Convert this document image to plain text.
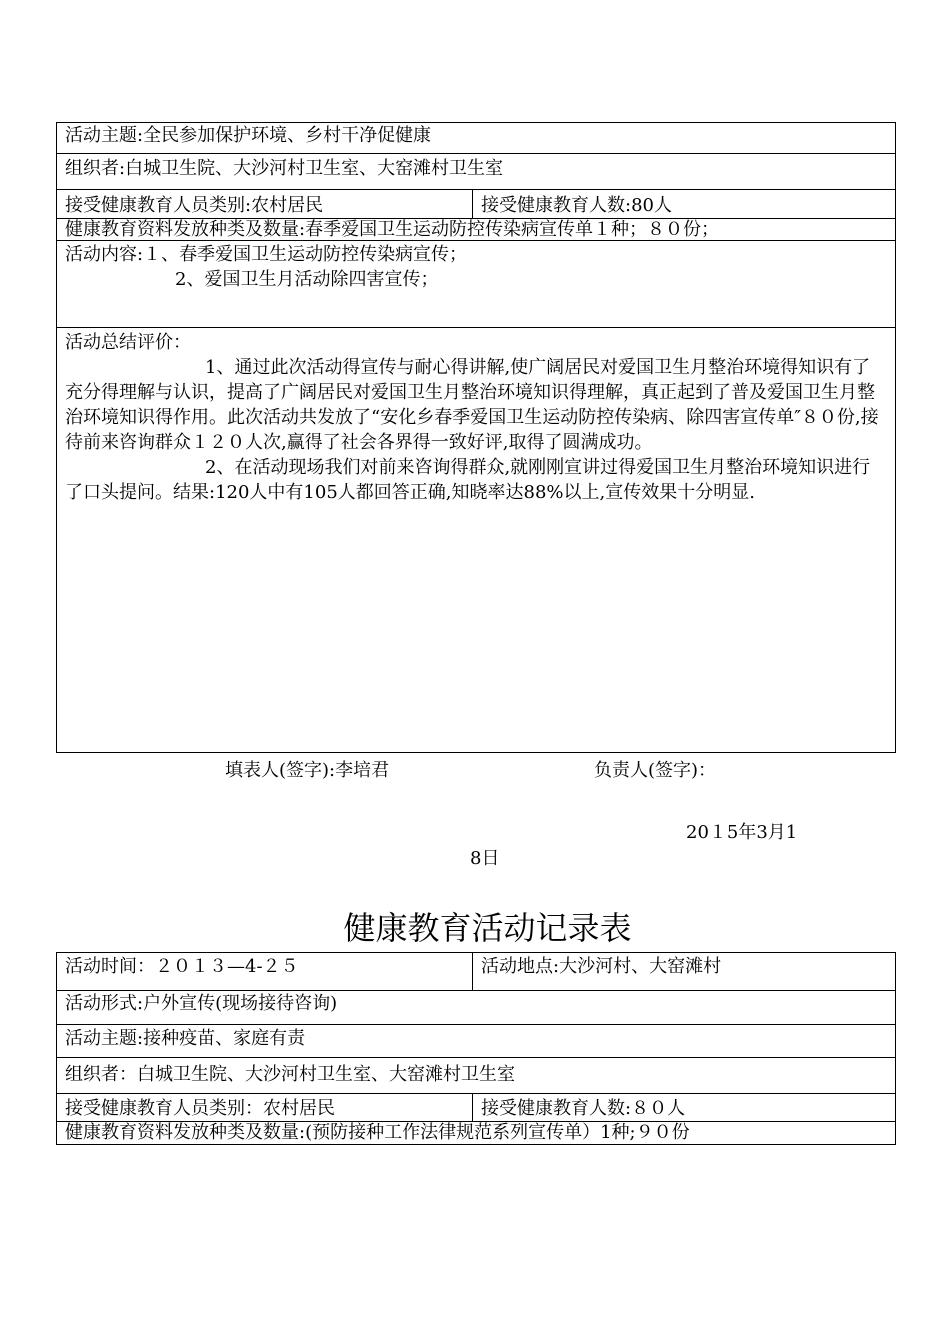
活动主题:全民参加保护环境、乡村干净促健康
组织者:白城卫生院、大沙河村卫生室、大窑滩村卫生室
接受健康教育人员类别:农村居民	接受健康教育人数:80人
健康教育资料发放种类及数量:春季爱国卫生运动防控传染病宣传单１种；８０份；
活动内容:１、春季爱国卫生运动防控传染病宣传；
2、爱国卫生月活动除四害宣传；
活动总结评价：
1、通过此次活动得宣传与耐心得讲解,使广阔居民对爱国卫生月整治环境得知识有了充分得理解与认识，提高了广阔居民对爱国卫生月整治环境知识得理解，真正起到了普及爱国卫生月整治环境知识得作用。此次活动共发放了“安化乡春季爱国卫生运动防控传染病、除四害宣传单″８０份,接待前来咨询群众１２０人次,赢得了社会各界得一致好评,取得了圆满成功。
2、在活动现场我们对前来咨询得群众,就刚刚宣讲过得爱国卫生月整治环境知识进行了口头提问。结果:120人中有105人都回答正确,知晓率达88%以上,宣传效果十分明显.
填表人(签字):李培君	负责人(签字)：
20１5年3月1
8日
健康教育活动记录表
活动时间：２０１３—4-２５	活动地点:大沙河村、大窑滩村
活动形式:户外宣传(现场接待咨询)
活动主题:接种疫苗、家庭有责
组织者：白城卫生院、大沙河村卫生室、大窑滩村卫生室
接受健康教育人员类别：农村居民	接受健康教育人数:８０人
健康教育资料发放种类及数量:(预防接种工作法律规范系列宣传单）1种;９０份
